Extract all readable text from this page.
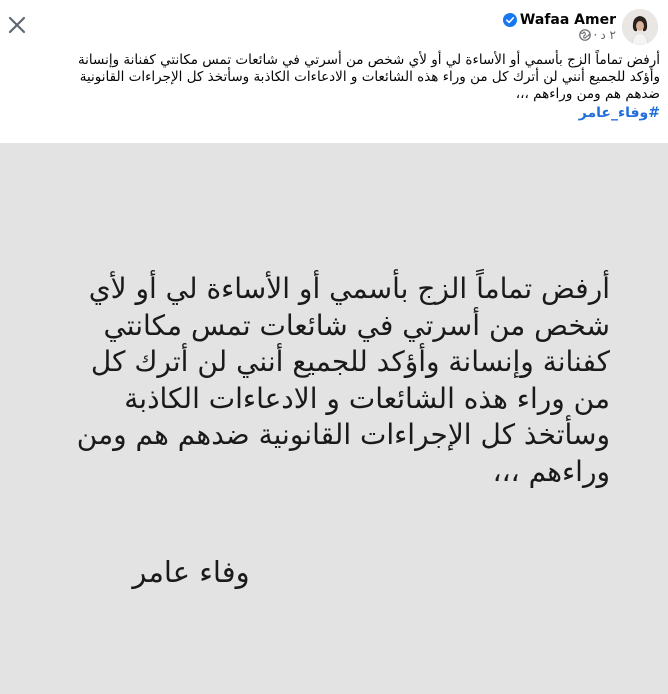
Wafaa Amer
٢ د
·

أرفض تماماً الزج بأسمي أو الأساءة لي أو لأي شخص من أسرتي في شائعات تمس مكانتي كفنانة وإنسانة

وأؤكد للجميع أنني لن أترك كل من وراء هذه الشائعات و الادعاءات الكاذبة وسأتخذ كل الإجراءات القانونية

ضدهم هم ومن وراءهم ،،،

#وفاء_عامر

أرفض تماماً الزج بأسمي أو الأساءة لي أو لأي

شخص من أسرتي في شائعات تمس مكانتي

كفنانة وإنسانة وأؤكد للجميع أنني لن أترك كل

من وراء هذه الشائعات و الادعاءات الكاذبة

وسأتخذ كل الإجراءات القانونية ضدهم هم ومن

وراءهم ،،،

وفاء عامر
